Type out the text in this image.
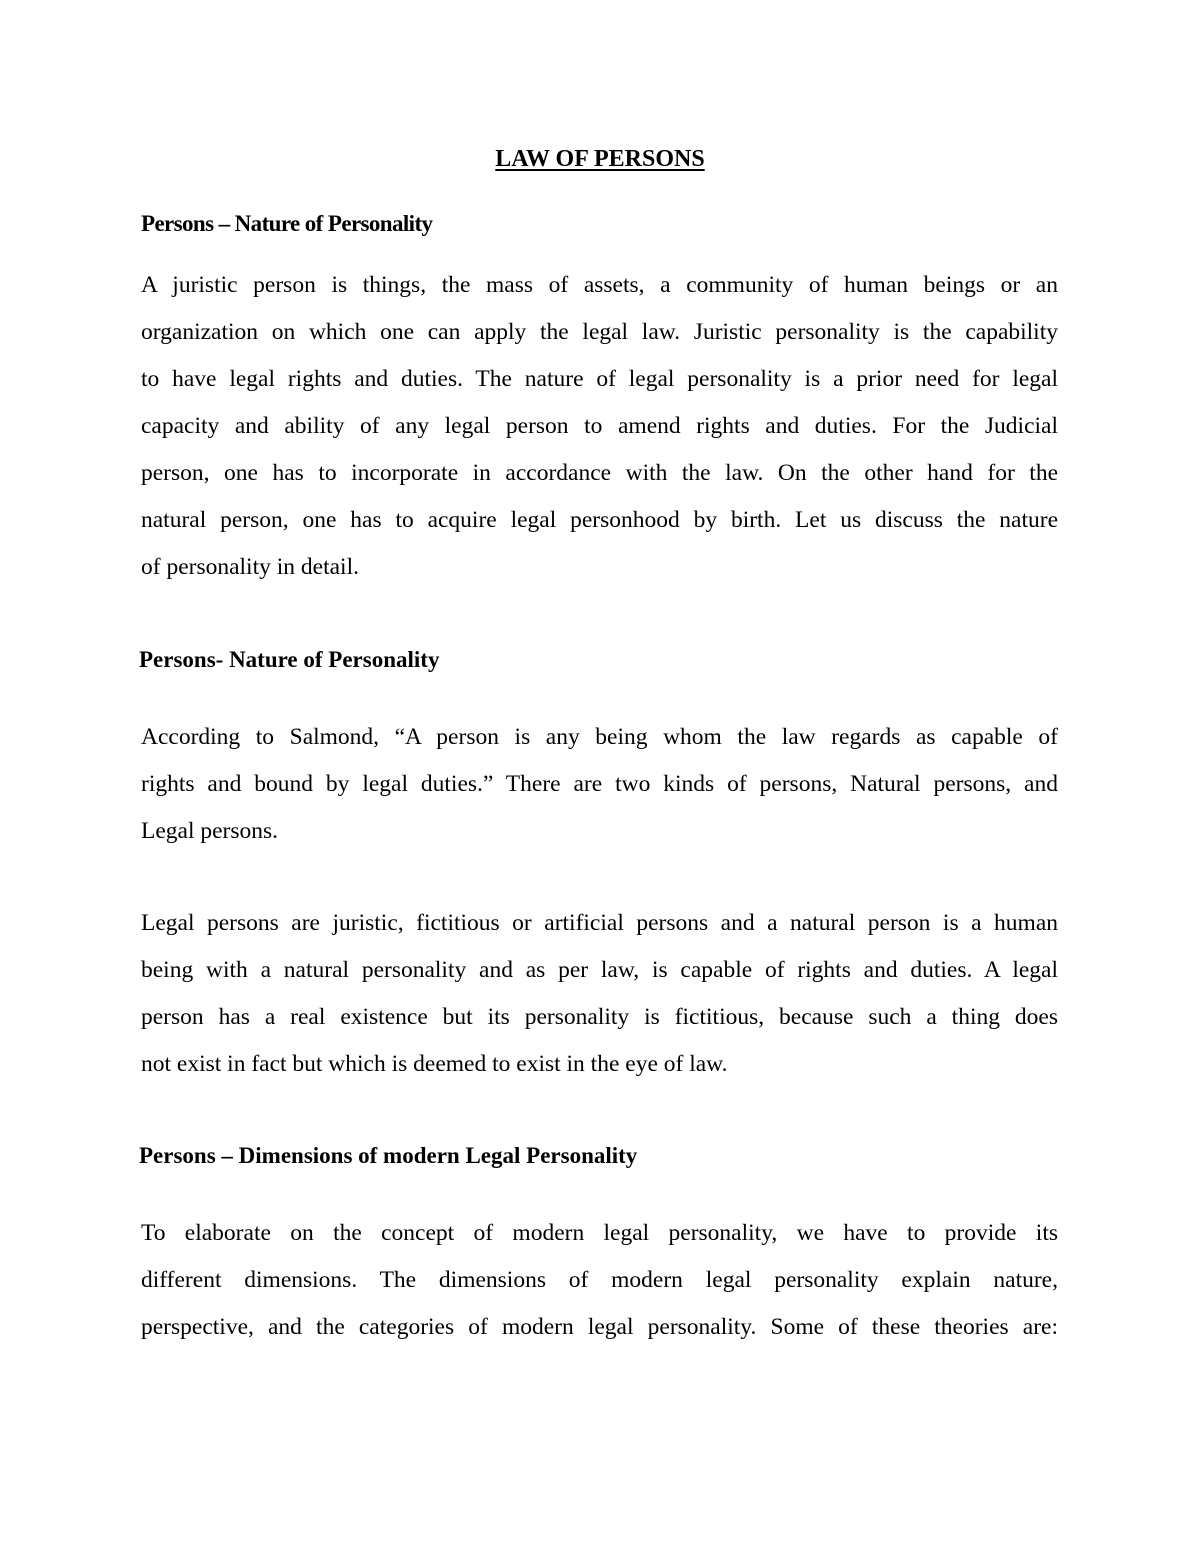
LAW OF PERSONS
Persons – Nature of Personality
A juristic person is things, the mass of assets, a community of human beings or an
organization on which one can apply the legal law. Juristic personality is the capability
to have legal rights and duties. The nature of legal personality is a prior need for legal
capacity and ability of any legal person to amend rights and duties. For the Judicial
person, one has to incorporate in accordance with the law. On the other hand for the
natural person, one has to acquire legal personhood by birth. Let us discuss the nature
of personality in detail.
Persons- Nature of Personality
According to Salmond, “A person is any being whom the law regards as capable of
rights and bound by legal duties.” There are two kinds of persons, Natural persons, and
Legal persons.
Legal persons are juristic, fictitious or artificial persons and a natural person is a human
being with a natural personality and as per law, is capable of rights and duties. A legal
person has a real existence but its personality is fictitious, because such a thing does
not exist in fact but which is deemed to exist in the eye of law.
Persons – Dimensions of modern Legal Personality
To elaborate on the concept of modern legal personality, we have to provide its
different dimensions. The dimensions of modern legal personality explain nature,
perspective, and the categories of modern legal personality. Some of these theories are:
